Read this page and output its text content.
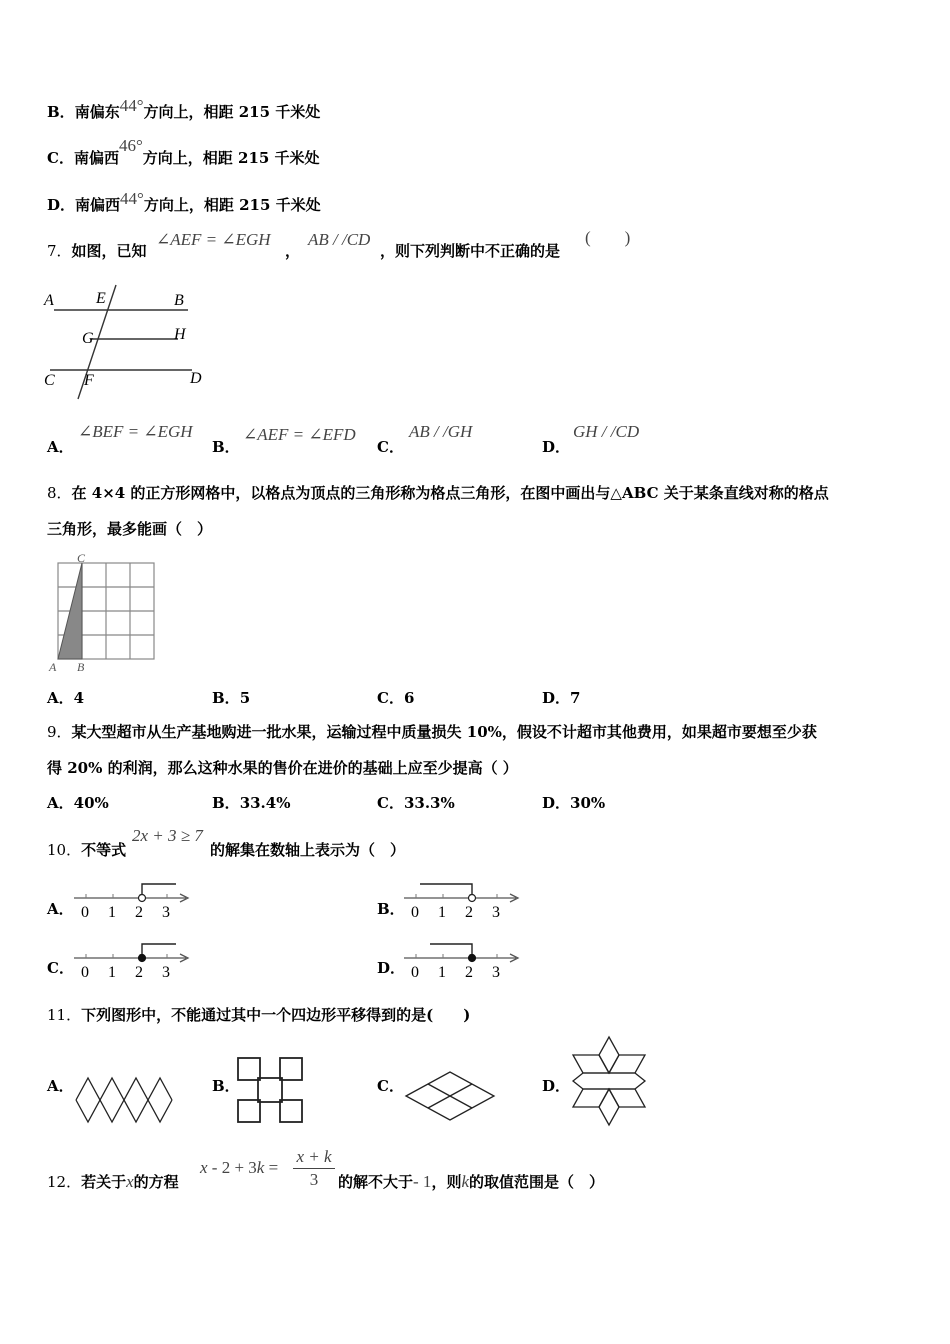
B．南偏东44°方向上，相距 215 千米处
C．南偏西46°方向上，相距 215 千米处
D．南偏西44°方向上，相距 215 千米处
7．如图，已知
∠AEF = ∠EGH
，
AB / /CD
，则下列判断中不正确的是
(　　)
A	E	B
G	H
C F	D
A．
∠BEF = ∠EGH
B．
∠AEF = ∠EFD
C．
AB / /GH
D．
GH / /CD
8．在 4×4 的正方形网格中，以格点为顶点的三角形称为格点三角形，在图中画出与△ABC 关于某条直线对称的格点
三角形，最多能画（　）
C
A B
A．4	B．5	C．6	D．7
9．某大型超市从生产基地购进一批水果，运输过程中质量损失 10%，假设不计超市其他费用，如果超市要想至少获
得 20% 的利润，那么这种水果的售价在进价的基础上应至少提高（ ）
A．40%	B．33.4%	C．33.3%	D．30%
10．不等式
2x + 3 ≥ 7
的解集在数轴上表示为（　）
A． 0 1 2 3	B． 0 1 2 3
C． 0 1 2 3	D． 0 1 2 3
11．下列图形中，不能通过其中一个四边形平移得到的是(　　)
A．	B．	C．	D．
12．若关于x的方程
x - 2 + 3k =
x + k
3	的解不大于- 1，则k的取值范围是（　）
